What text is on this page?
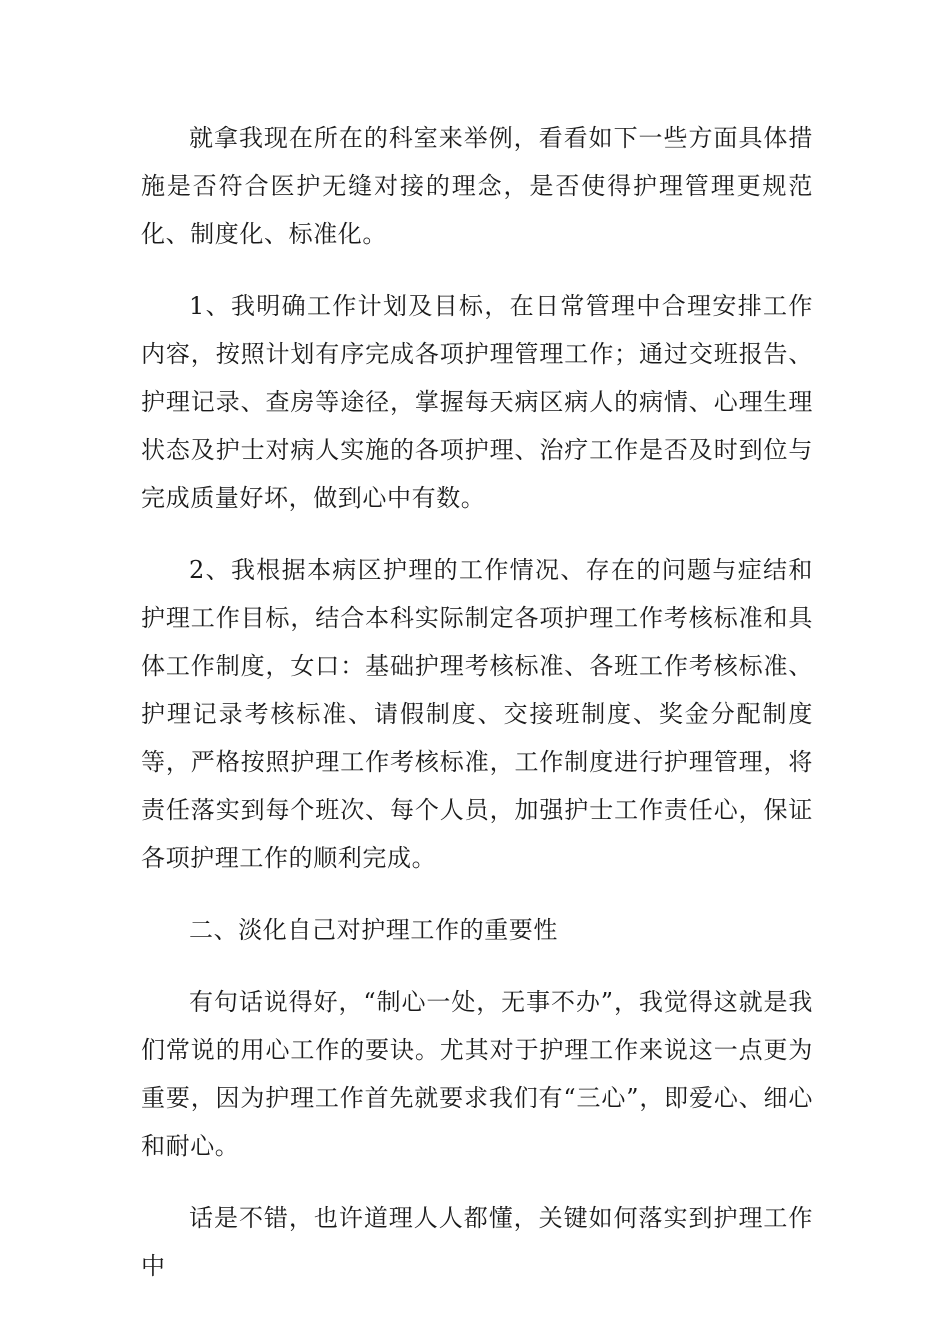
就拿我现在所在的科室来举例，看看如下一些方面具体措施是否符合医护无缝对接的理念，是否使得护理管理更规范化、制度化、标准化。

1、我明确工作计划及目标，在日常管理中合理安排工作内容，按照计划有序完成各项护理管理工作；通过交班报告、护理记录、查房等途径，掌握每天病区病人的病情、心理生理状态及护士对病人实施的各项护理、治疗工作是否及时到位与完成质量好坏，做到心中有数。

2、我根据本病区护理的工作情况、存在的问题与症结和护理工作目标，结合本科实际制定各项护理工作考核标准和具体工作制度，女口：基础护理考核标准、各班工作考核标准、护理记录考核标准、请假制度、交接班制度、奖金分配制度等，严格按照护理工作考核标准，工作制度进行护理管理，将责任落实到每个班次、每个人员，加强护士工作责任心，保证各项护理工作的顺利完成。

二、淡化自己对护理工作的重要性

有句话说得好，“制心一处，无事不办”，我觉得这就是我们常说的用心工作的要诀。尤其对于护理工作来说这一点更为重要，因为护理工作首先就要求我们有“三心”，即爱心、细心和耐心。

话是不错，也许道理人人都懂，关键如何落实到护理工作中
